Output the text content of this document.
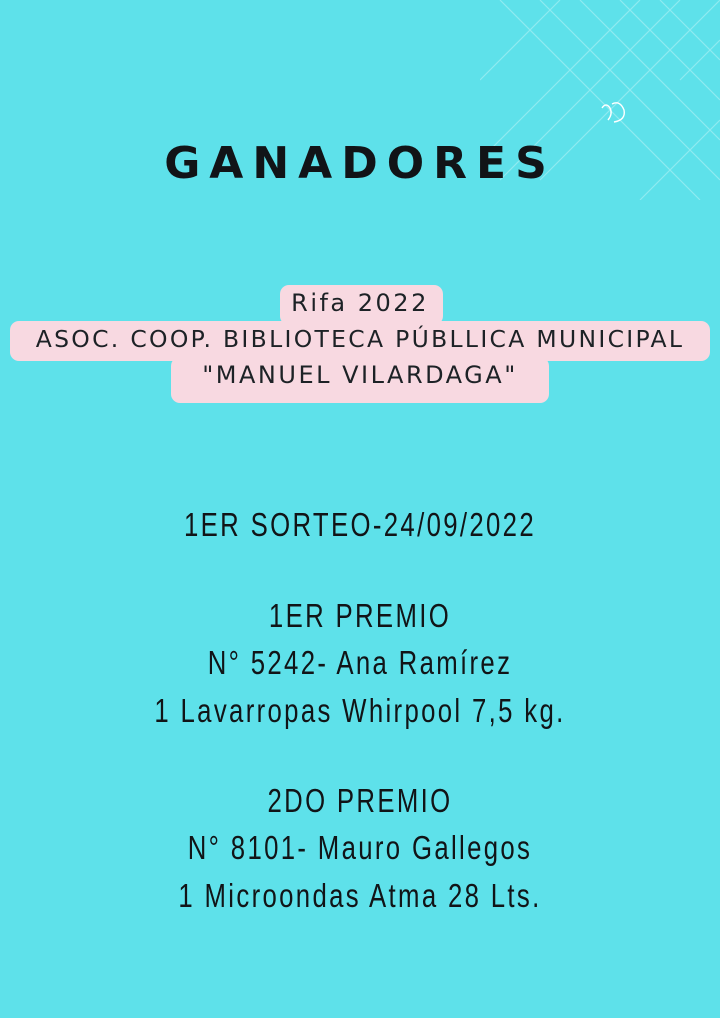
GANADORES
Rifa 2022
ASOC. COOP. BIBLIOTECA PÚBLLICA MUNICIPAL
"MANUEL VILARDAGA"
1ER SORTEO-24/09/2022
1ER PREMIO
N° 5242- Ana Ramírez
1 Lavarropas Whirpool 7,5 kg.
2DO PREMIO
N° 8101- Mauro Gallegos
1 Microondas Atma 28 Lts.
